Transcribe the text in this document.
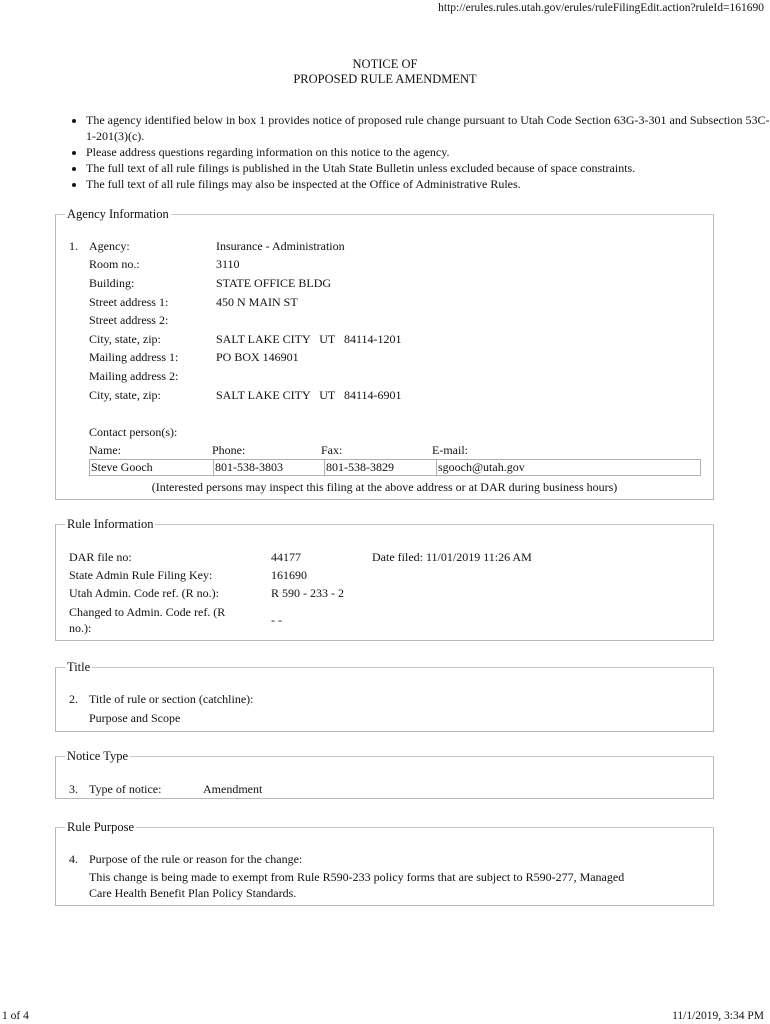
http://erules.rules.utah.gov/erules/ruleFilingEdit.action?ruleId=161690
NOTICE OF
PROPOSED RULE AMENDMENT
• The agency identified below in box 1 provides notice of proposed rule change pursuant to Utah Code Section 63G-3-301 and Subsection 53C-1-201(3)(c).
• Please address questions regarding information on this notice to the agency.
• The full text of all rule filings is published in the Utah State Bulletin unless excluded because of space constraints.
• The full text of all rule filings may also be inspected at the Office of Administrative Rules.
Agency Information
1. Agency:	Insurance - Administration
Room no.:	3110
Building:	STATE OFFICE BLDG
Street address 1:	450 N MAIN ST
Street address 2:
City, state, zip:	SALT LAKE CITY   UT   84114-1201
Mailing address 1:	PO BOX 146901
Mailing address 2:
City, state, zip:	SALT LAKE CITY   UT   84114-6901
Contact person(s):
Name:	Phone:	Fax:	E-mail:
Steve Gooch	801-538-3803	801-538-3829	sgooch@utah.gov
(Interested persons may inspect this filing at the above address or at DAR during business hours)
Rule Information
DAR file no:	44177	Date filed: 11/01/2019 11:26 AM
State Admin Rule Filing Key:	161690
Utah Admin. Code ref. (R no.):	R 590 - 233 - 2
Changed to Admin. Code ref. (R
no.):
- -
Title
2. Title of rule or section (catchline):
Purpose and Scope
Notice Type
3. Type of notice:	Amendment
Rule Purpose
4. Purpose of the rule or reason for the change:
This change is being made to exempt from Rule R590-233 policy forms that are subject to R590-277, Managed
Care Health Benefit Plan Policy Standards.
1 of 4	11/1/2019, 3:34 PM
